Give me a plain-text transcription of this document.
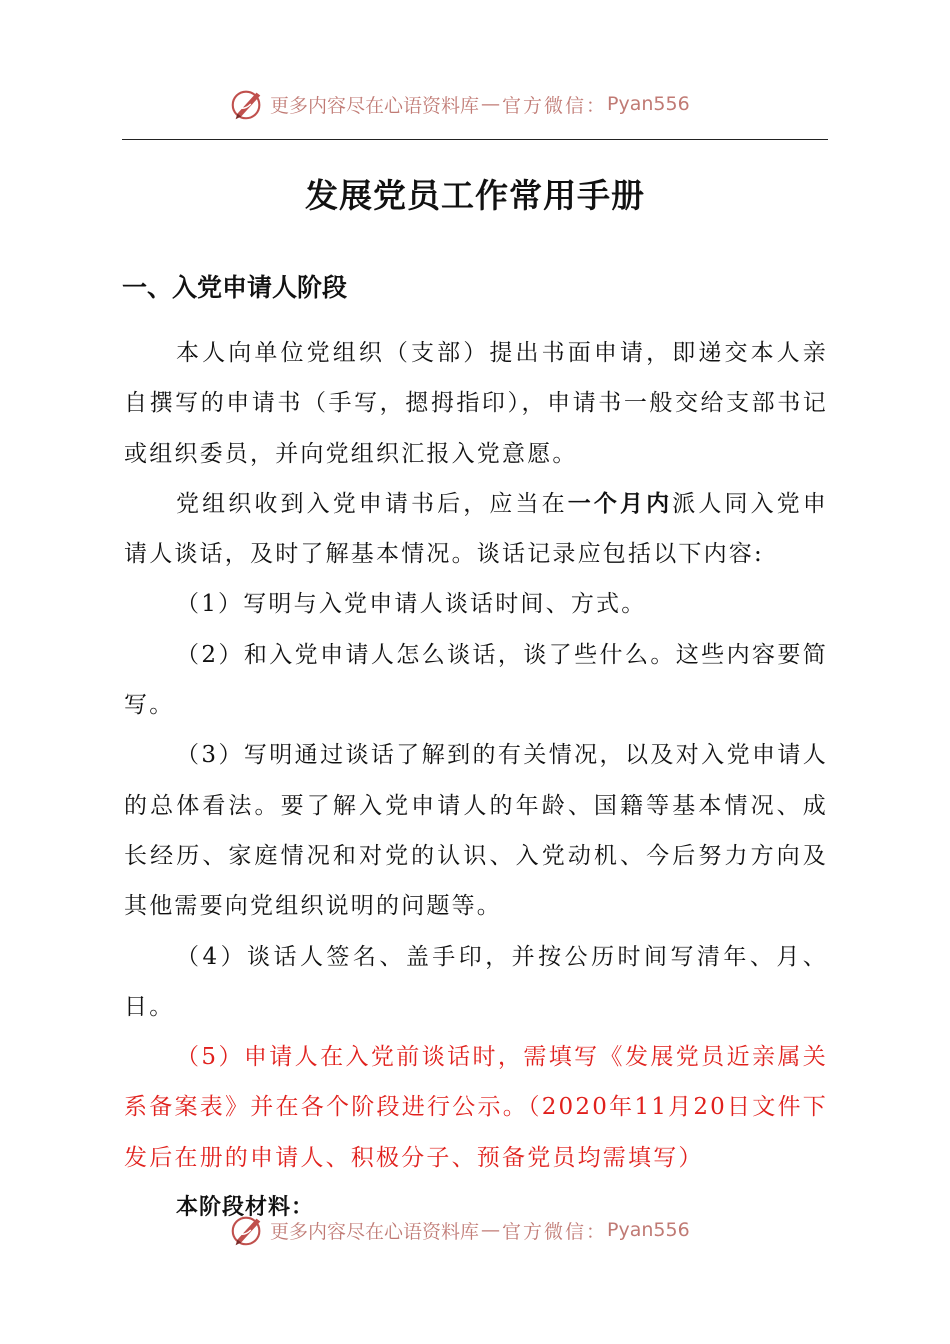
更多内容尽在心语资料库 — 官方微信： Pyan556
发展党员工作常用手册
一、入党申请人阶段

本人向单位党组织（支部）提出书面申请，即递交本人亲自撰写的申请书（手写，摁拇指印），申请书一般交给支部书记或组织委员，并向党组织汇报入党意愿。

党组织收到入党申请书后，应当在一个月内派人同入党申请人谈话，及时了解基本情况。谈话记录应包括以下内容:

（1）写明与入党申请人谈话时间、方式。

（2）和入党申请人怎么谈话，谈了些什么。这些内容要简写。

（3）写明通过谈话了解到的有关情况，以及对入党申请人的总体看法。要了解入党申请人的年龄、国籍等基本情况、成长经历、家庭情况和对党的认识、入党动机、今后努力方向及其他需要向党组织说明的问题等。

（4）谈话人签名、盖手印，并按公历时间写清年、月、日。

（5）申请人在入党前谈话时，需填写《发展党员近亲属关系备案表》并在各个阶段进行公示。（2020年11月20日文件下发后在册的申请人、积极分子、预备党员均需填写）

本阶段材料：

更多内容尽在心语资料库 — 官方微信： Pyan556
